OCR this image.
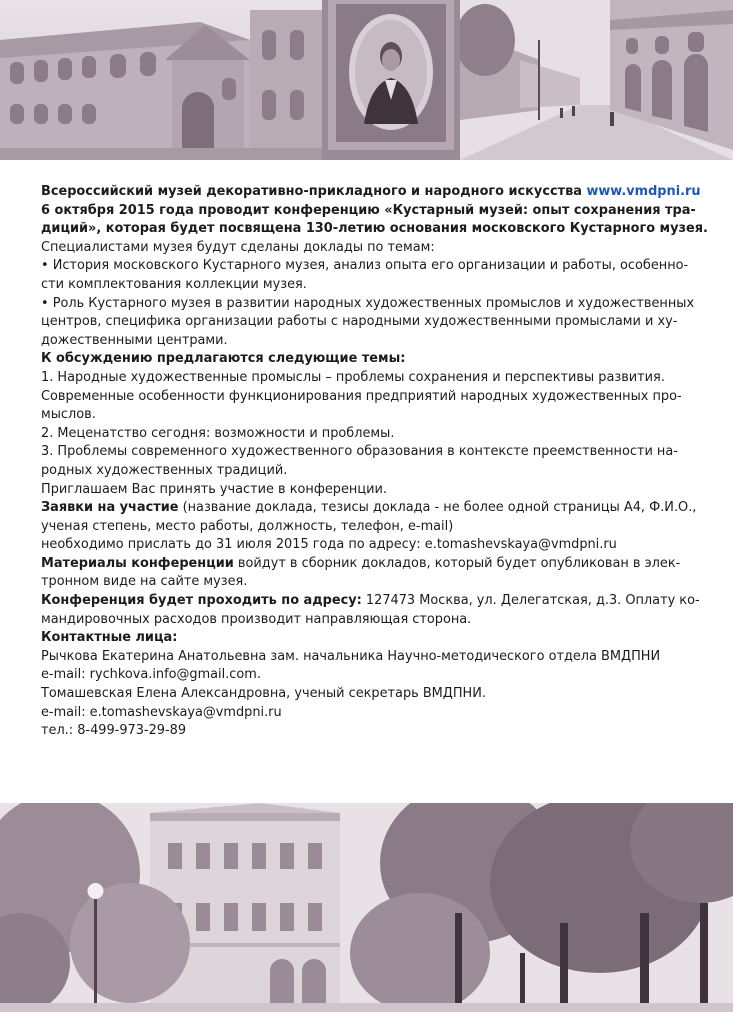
Всероссийский музей декоративно-прикладного и народного искусства www.vmdpni.ru

6 октября 2015 года проводит конференцию «Кустарный музей: опыт сохранения тра-

диций», которая будет посвящена 130-летию основания московского Кустарного музея.

Специалистами музея будут сделаны доклады по темам:

• История московского Кустарного музея, анализ опыта его организации и работы, особенно-

сти комплектования коллекции музея.

• Роль Кустарного музея в развитии народных художественных промыслов и художественных

центров, специфика организации работы с народными художественными промыслами и ху-

дожественными центрами.

К обсуждению предлагаются следующие темы:

1. Народные художественные промыслы – проблемы сохранения и перспективы развития.

Современные особенности функционирования предприятий народных художественных про-

мыслов.

2. Меценатство сегодня: возможности и проблемы.

3. Проблемы современного художественного образования в контексте преемственности на-

родных художественных традиций.

Приглашаем Вас принять участие в конференции.

Заявки на участие (название доклада, тезисы доклада - не более одной страницы А4, Ф.И.О.,

ученая степень, место работы, должность, телефон, e-mail)

необходимо прислать до 31 июля 2015 года по адресу: e.tomashevskaya@vmdpni.ru

Материалы конференции войдут в сборник докладов, который будет опубликован в элек-

тронном виде на сайте музея.

Конференция будет проходить по адресу: 127473 Москва, ул. Делегатская, д.3. Оплату ко-

мандировочных расходов производит направляющая сторона.

Контактные лица:

Рычкова Екатерина Анатольевна зам. начальника Научно-методического отдела ВМДПНИ

e-mail: rychkova.info@gmail.com.

Томашевская Елена Александровна, ученый секретарь ВМДПНИ.

e-mail: e.tomashevskaya@vmdpni.ru

тел.: 8-499-973-29-89
